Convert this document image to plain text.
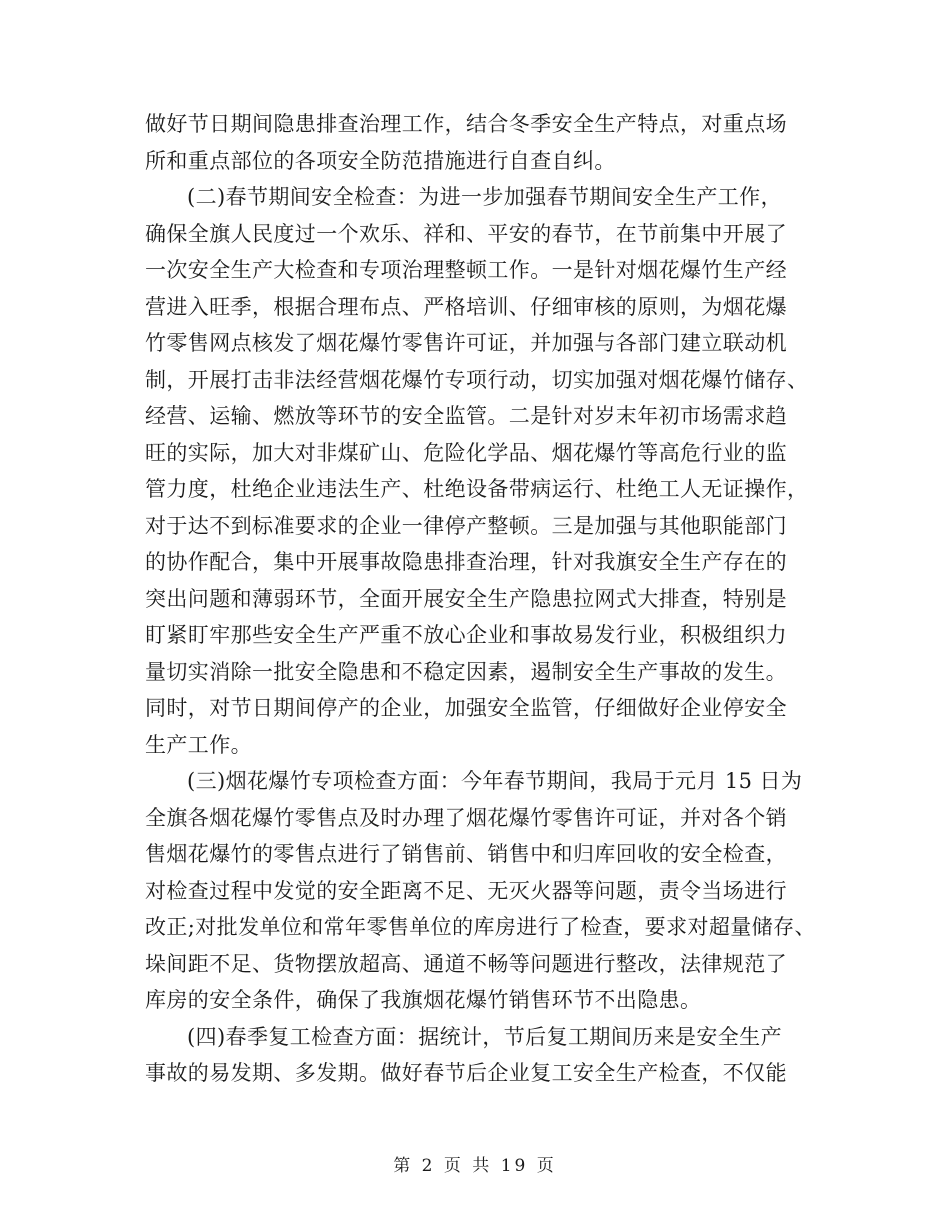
做好节日期间隐患排查治理工作，结合冬季安全生产特点，对重点场
所和重点部位的各项安全防范措施进行自查自纠。
(二)春节期间安全检查：为进一步加强春节期间安全生产工作，
确保全旗人民度过一个欢乐、祥和、平安的春节，在节前集中开展了
一次安全生产大检查和专项治理整顿工作。一是针对烟花爆竹生产经
营进入旺季，根据合理布点、严格培训、仔细审核的原则，为烟花爆
竹零售网点核发了烟花爆竹零售许可证，并加强与各部门建立联动机
制，开展打击非法经营烟花爆竹专项行动，切实加强对烟花爆竹储存、
经营、运输、燃放等环节的安全监管。二是针对岁末年初市场需求趋
旺的实际，加大对非煤矿山、危险化学品、烟花爆竹等高危行业的监
管力度，杜绝企业违法生产、杜绝设备带病运行、杜绝工人无证操作，
对于达不到标准要求的企业一律停产整顿。三是加强与其他职能部门
的协作配合，集中开展事故隐患排查治理，针对我旗安全生产存在的
突出问题和薄弱环节，全面开展安全生产隐患拉网式大排查，特别是
盯紧盯牢那些安全生产严重不放心企业和事故易发行业，积极组织力
量切实消除一批安全隐患和不稳定因素，遏制安全生产事故的发生。
同时，对节日期间停产的企业，加强安全监管，仔细做好企业停安全
生产工作。
(三)烟花爆竹专项检查方面：今年春节期间，我局于元月 15 日为
全旗各烟花爆竹零售点及时办理了烟花爆竹零售许可证，并对各个销
售烟花爆竹的零售点进行了销售前、销售中和归库回收的安全检查，
对检查过程中发觉的安全距离不足、无灭火器等问题，责令当场进行
改正;对批发单位和常年零售单位的库房进行了检查，要求对超量储存、
垛间距不足、货物摆放超高、通道不畅等问题进行整改，法律规范了
库房的安全条件，确保了我旗烟花爆竹销售环节不出隐患。
(四)春季复工检查方面：据统计，节后复工期间历来是安全生产
事故的易发期、多发期。做好春节后企业复工安全生产检查，不仅能
第 2 页 共 19 页
